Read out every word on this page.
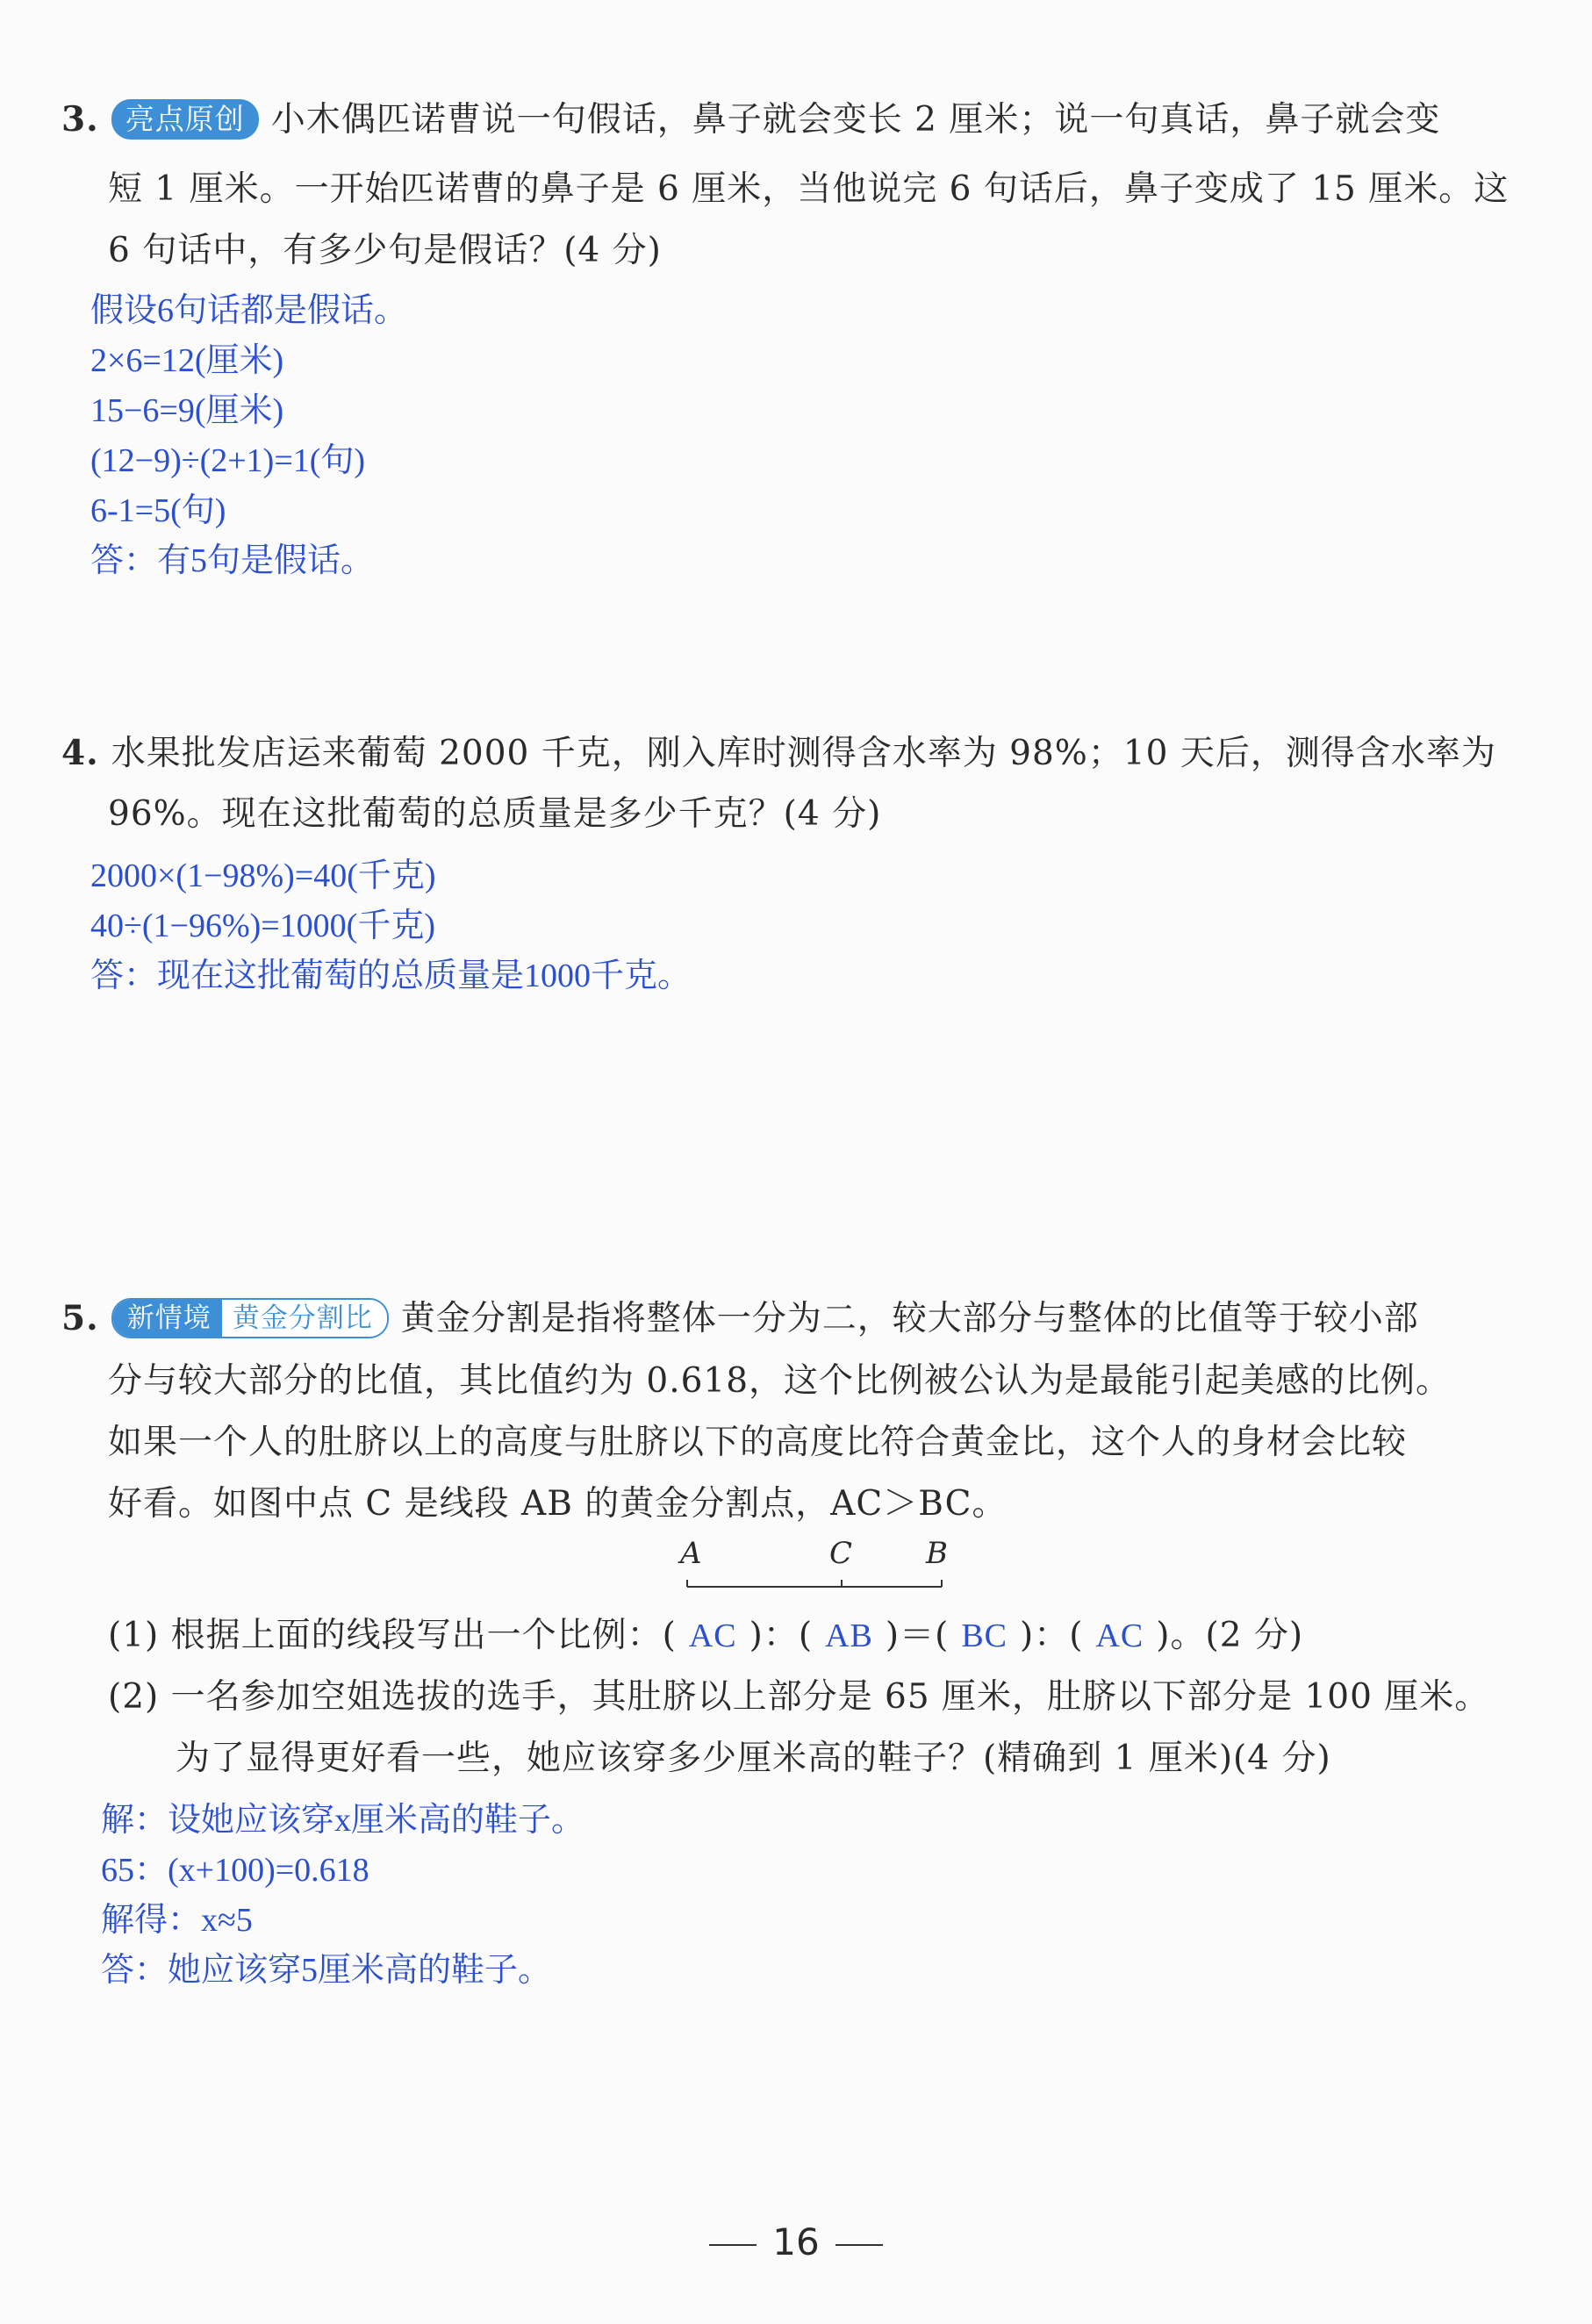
3. 亮点原创 小木偶匹诺曹说一句假话，鼻子就会变长 2 厘米；说一句真话，鼻子就会变
短 1 厘米。一开始匹诺曹的鼻子是 6 厘米，当他说完 6 句话后，鼻子变成了 15 厘米。这
6 句话中，有多少句是假话？(4 分)
假设6句话都是假话。
2×6=12(厘米)
15−6=9(厘米)
(12−9)÷(2+1)=1(句)
6-1=5(句)
答：有5句是假话。
4. 水果批发店运来葡萄 2000 千克，刚入库时测得含水率为 98%；10 天后，测得含水率为
96%。现在这批葡萄的总质量是多少千克？(4 分)
2000×(1−98%)=40(千克)
40÷(1−96%)=1000(千克)
答：现在这批葡萄的总质量是1000千克。
5.	新情境 黄金分割比 黄金分割是指将整体一分为二，较大部分与整体的比值等于较小部
分与较大部分的比值，其比值约为 0.618，这个比例被公认为是最能引起美感的比例。
如果一个人的肚脐以上的高度与肚脐以下的高度比符合黄金比，这个人的身材会比较
好看。如图中点 C 是线段 AB 的黄金分割点，AC＞BC。
A	C B
(1) 根据上面的线段写出一个比例：( AC )：( AB )＝( BC )：( AC )。(2 分)
(2) 一名参加空姐选拔的选手，其肚脐以上部分是 65 厘米，肚脐以下部分是 100 厘米。
为了显得更好看一些，她应该穿多少厘米高的鞋子？(精确到 1 厘米)(4 分)
解：设她应该穿x厘米高的鞋子。
65：(x+100)=0.618
解得：x≈5
答：她应该穿5厘米高的鞋子。
16
